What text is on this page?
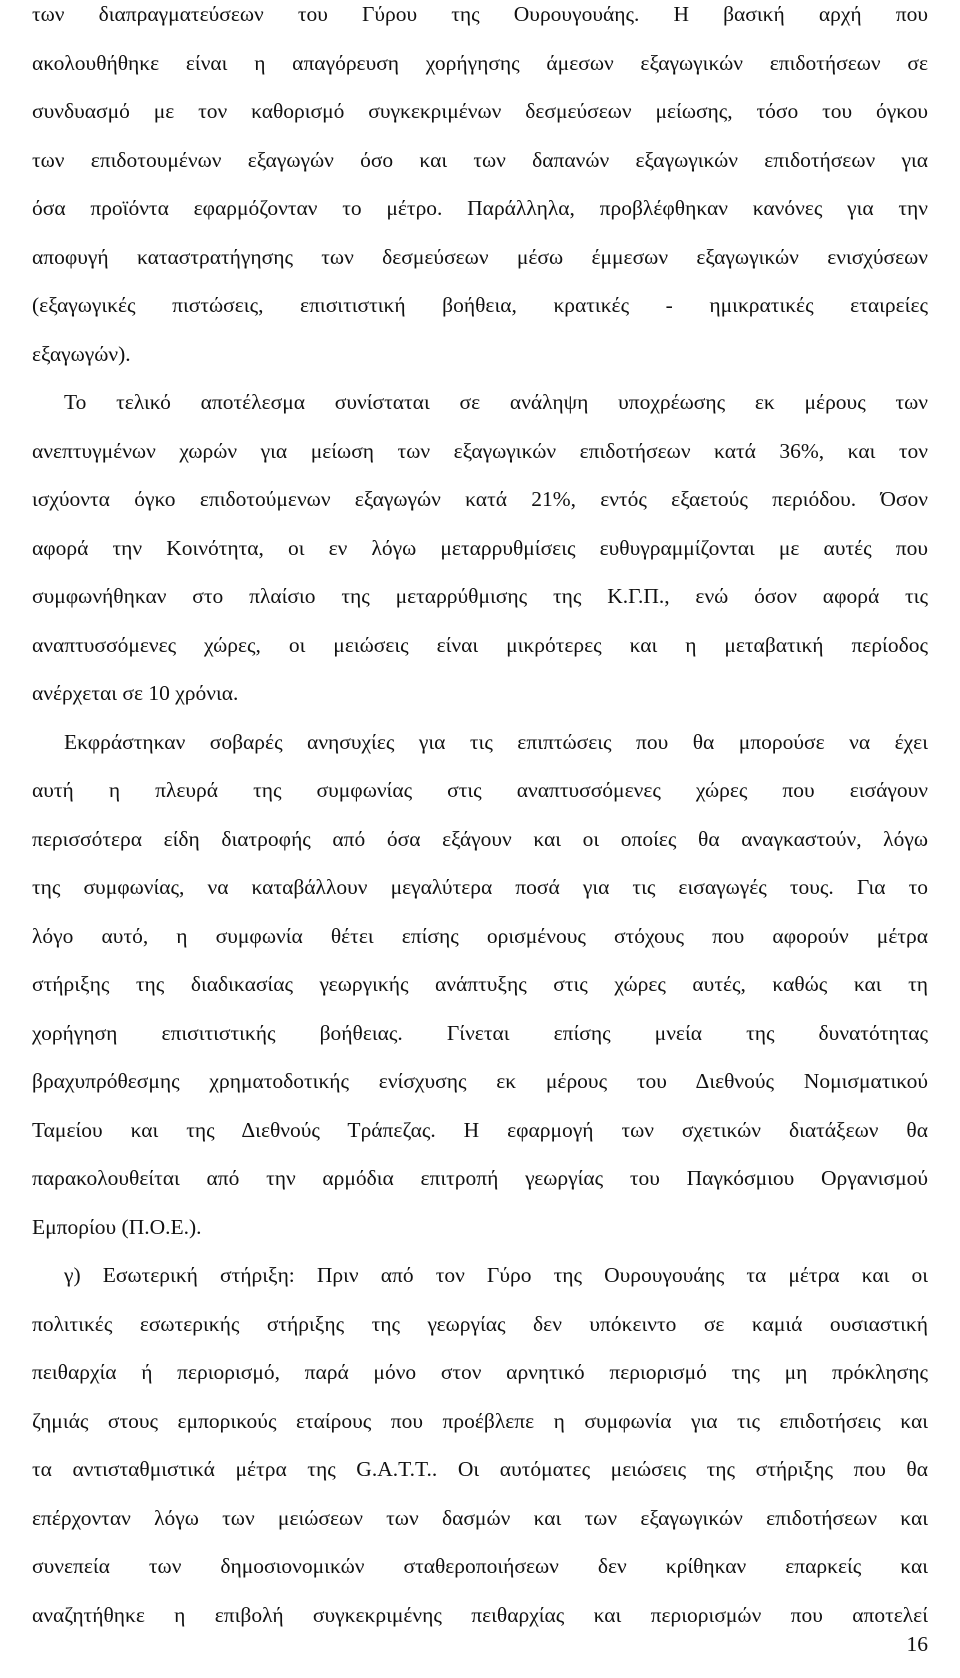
των διαπραγματεύσεων του Γύρου της Ουρουγουάης. Η βασική αρχή που
ακολουθήθηκε είναι η απαγόρευση χορήγησης άμεσων εξαγωγικών επιδοτήσεων σε
συνδυασμό με τον καθορισμό συγκεκριμένων δεσμεύσεων μείωσης, τόσο του όγκου
των επιδοτουμένων εξαγωγών όσο και των δαπανών εξαγωγικών επιδοτήσεων για
όσα προϊόντα εφαρμόζονταν το μέτρο. Παράλληλα, προβλέφθηκαν κανόνες για την
αποφυγή καταστρατήγησης των δεσμεύσεων μέσω έμμεσων εξαγωγικών ενισχύσεων
(εξαγωγικές πιστώσεις, επισιτιστική βοήθεια, κρατικές - ημικρατικές εταιρείες
εξαγωγών).
Το τελικό αποτέλεσμα συνίσταται σε ανάληψη υποχρέωσης εκ μέρους των
ανεπτυγμένων χωρών για μείωση των εξαγωγικών επιδοτήσεων κατά 36%, και τον
ισχύοντα όγκο επιδοτούμενων εξαγωγών κατά 21%, εντός εξαετούς περιόδου. Όσον
αφορά την Κοινότητα, οι εν λόγω μεταρρυθμίσεις ευθυγραμμίζονται με αυτές που
συμφωνήθηκαν στο πλαίσιο της μεταρρύθμισης της Κ.Γ.Π., ενώ όσον αφορά τις
αναπτυσσόμενες χώρες, οι μειώσεις είναι μικρότερες και η μεταβατική περίοδος
ανέρχεται σε 10 χρόνια.
Εκφράστηκαν σοβαρές ανησυχίες για τις επιπτώσεις που θα μπορούσε να έχει
αυτή η πλευρά της συμφωνίας στις αναπτυσσόμενες χώρες που εισάγουν
περισσότερα είδη διατροφής από όσα εξάγουν και οι οποίες θα αναγκαστούν, λόγω
της συμφωνίας, να καταβάλλουν μεγαλύτερα ποσά για τις εισαγωγές τους. Για το
λόγο αυτό, η συμφωνία θέτει επίσης ορισμένους στόχους που αφορούν μέτρα
στήριξης της διαδικασίας γεωργικής ανάπτυξης στις χώρες αυτές, καθώς και τη
χορήγηση επισιτιστικής βοήθειας. Γίνεται επίσης μνεία της δυνατότητας
βραχυπρόθεσμης χρηματοδοτικής ενίσχυσης εκ μέρους του Διεθνούς Νομισματικού
Ταμείου και της Διεθνούς Τράπεζας. Η εφαρμογή των σχετικών διατάξεων θα
παρακολουθείται από την αρμόδια επιτροπή γεωργίας του Παγκόσμιου Οργανισμού
Εμπορίου (Π.Ο.Ε.).
γ) Εσωτερική στήριξη: Πριν από τον Γύρο της Ουρουγουάης τα μέτρα και οι
πολιτικές εσωτερικής στήριξης της γεωργίας δεν υπόκειντο σε καμιά ουσιαστική
πειθαρχία ή περιορισμό, παρά μόνο στον αρνητικό περιορισμό της μη πρόκλησης
ζημιάς στους εμπορικούς εταίρους που προέβλεπε η συμφωνία για τις επιδοτήσεις και
τα αντισταθμιστικά μέτρα της G.A.T.T.. Οι αυτόματες μειώσεις της στήριξης που θα
επέρχονταν λόγω των μειώσεων των δασμών και των εξαγωγικών επιδοτήσεων και
συνεπεία των δημοσιονομικών σταθεροποιήσεων δεν κρίθηκαν επαρκείς και
αναζητήθηκε η επιβολή συγκεκριμένης πειθαρχίας και περιορισμών που αποτελεί
16
